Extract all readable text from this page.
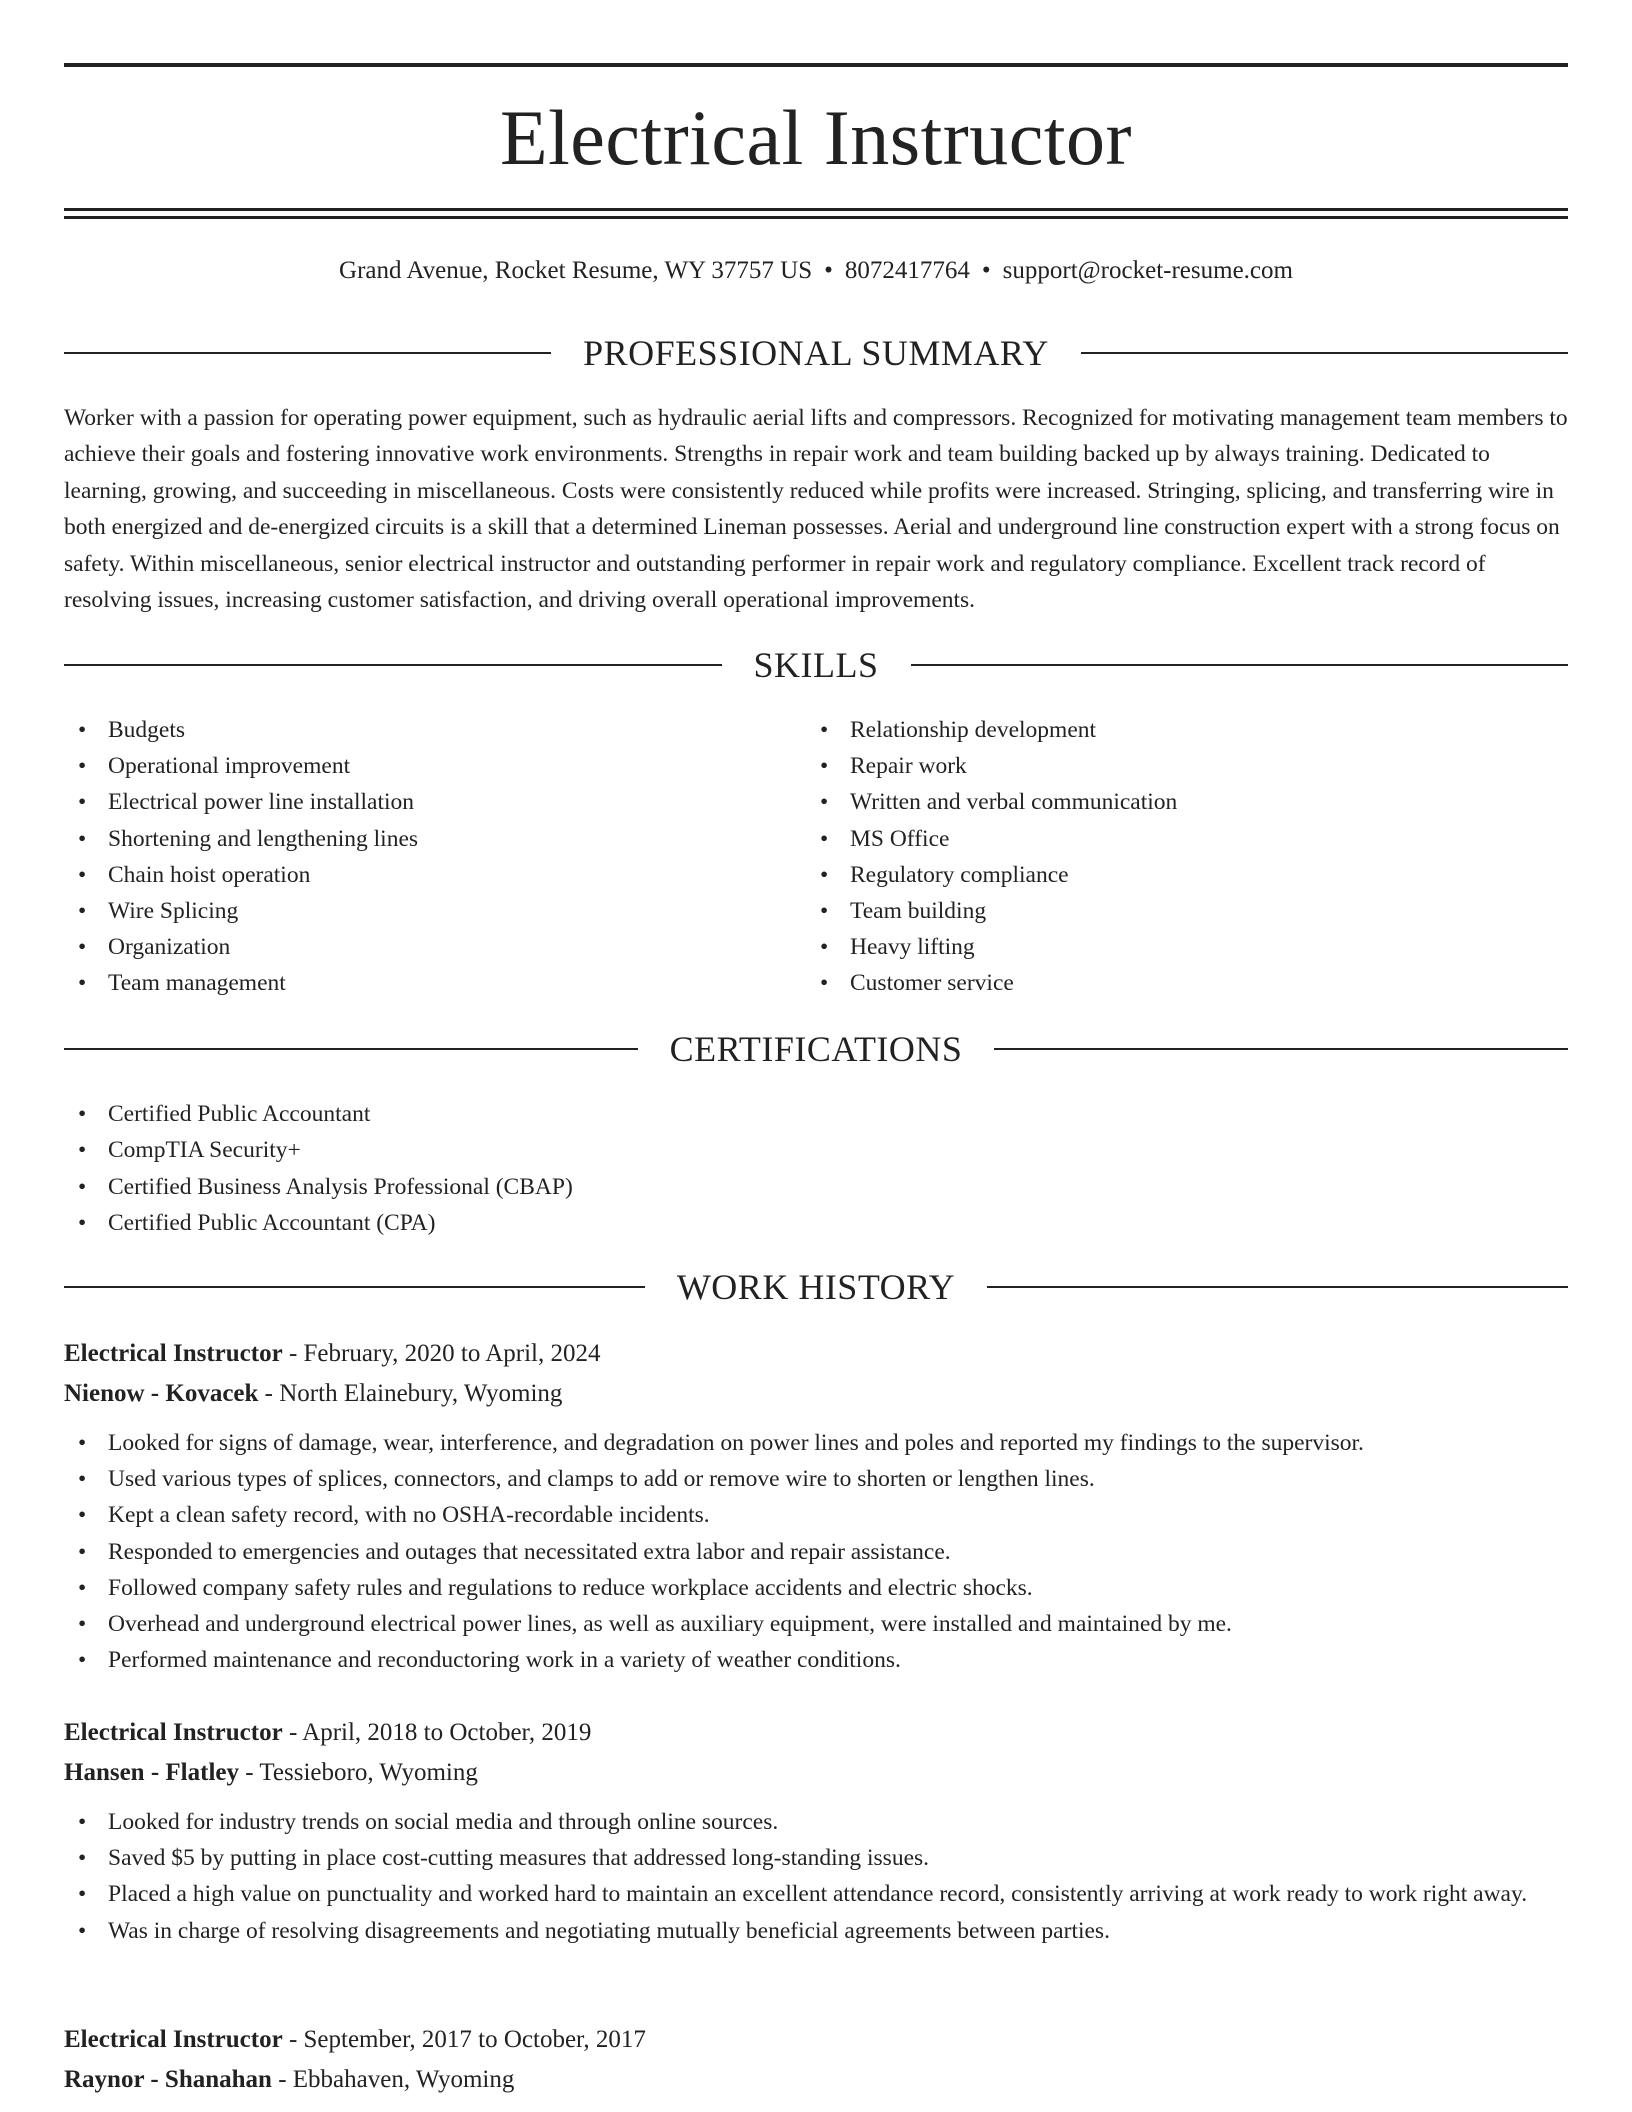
Electrical Instructor
Grand Avenue, Rocket Resume, WY 37757 US • 8072417764 • support@rocket-resume.com
PROFESSIONAL SUMMARY

Worker with a passion for operating power equipment, such as hydraulic aerial lifts and compressors. Recognized for motivating management team members to achieve their goals and fostering innovative work environments. Strengths in repair work and team building backed up by always training. Dedicated to learning, growing, and succeeding in miscellaneous. Costs were consistently reduced while profits were increased. Stringing, splicing, and transferring wire in both energized and de-energized circuits is a skill that a determined Lineman possesses. Aerial and underground line construction expert with a strong focus on safety. Within miscellaneous, senior electrical instructor and outstanding performer in repair work and regulatory compliance. Excellent track record of resolving issues, increasing customer satisfaction, and driving overall operational improvements.

SKILLS
• Budgets
• Operational improvement
• Electrical power line installation
• Shortening and lengthening lines
• Chain hoist operation
• Wire Splicing
• Organization
• Team management
• Relationship development
• Repair work
• Written and verbal communication
• MS Office
• Regulatory compliance
• Team building
• Heavy lifting
• Customer service
CERTIFICATIONS
• Certified Public Accountant
• CompTIA Security+
• Certified Business Analysis Professional (CBAP)
• Certified Public Accountant (CPA)
WORK HISTORY
Electrical Instructor - February, 2020 to April, 2024
Nienow - Kovacek - North Elainebury, Wyoming
• Looked for signs of damage, wear, interference, and degradation on power lines and poles and reported my findings to the supervisor.
• Used various types of splices, connectors, and clamps to add or remove wire to shorten or lengthen lines.
• Kept a clean safety record, with no OSHA-recordable incidents.
• Responded to emergencies and outages that necessitated extra labor and repair assistance.
• Followed company safety rules and regulations to reduce workplace accidents and electric shocks.
• Overhead and underground electrical power lines, as well as auxiliary equipment, were installed and maintained by me.
• Performed maintenance and reconductoring work in a variety of weather conditions.
Electrical Instructor - April, 2018 to October, 2019
Hansen - Flatley - Tessieboro, Wyoming
• Looked for industry trends on social media and through online sources.
• Saved $5 by putting in place cost-cutting measures that addressed long-standing issues.
• Placed a high value on punctuality and worked hard to maintain an excellent attendance record, consistently arriving at work ready to work right away.
• Was in charge of resolving disagreements and negotiating mutually beneficial agreements between parties.
Electrical Instructor - September, 2017 to October, 2017
Raynor - Shanahan - Ebbahaven, Wyoming
